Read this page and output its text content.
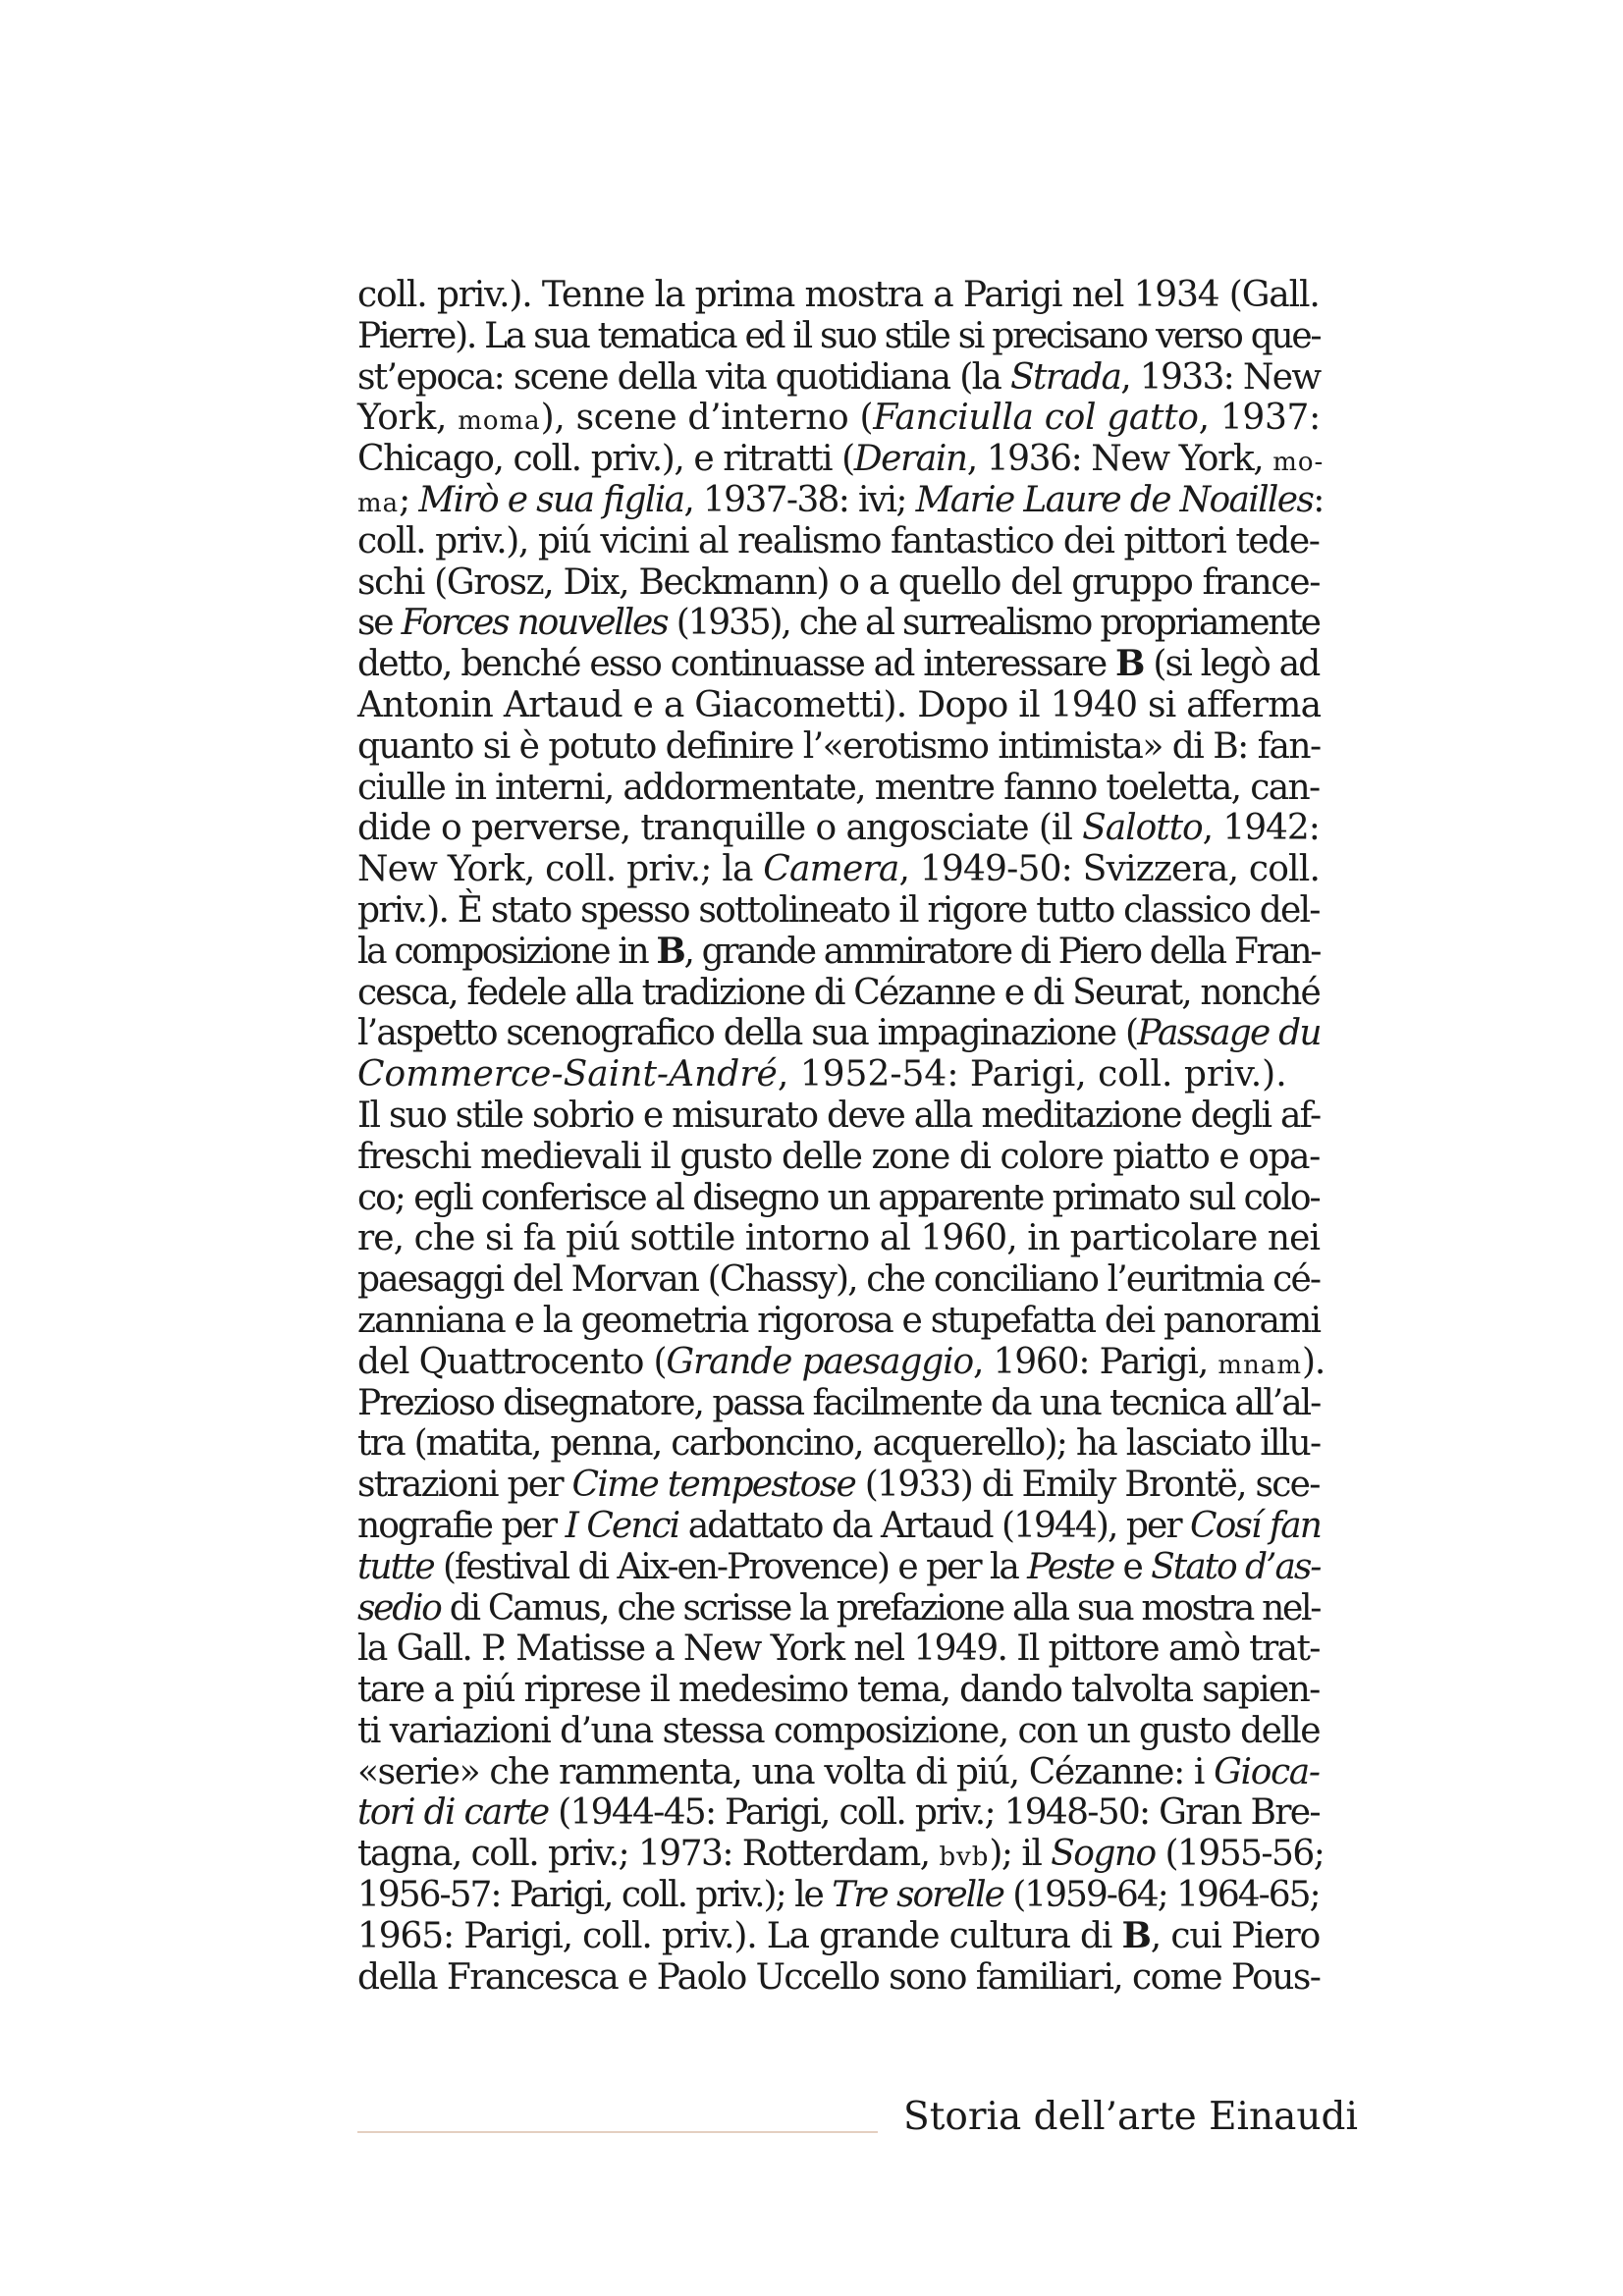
coll. priv.). Tenne la prima mostra a Parigi nel 1934 (Gall.
Pierre). La sua tematica ed il suo stile si precisano verso que-
st’epoca: scene della vita quotidiana (la Strada, 1933: New
York, moma), scene d’interno (Fanciulla col gatto, 1937:
Chicago, coll. priv.), e ritratti (Derain, 1936: New York, mo-
ma; Mirò e sua figlia, 1937-38: ivi; Marie Laure de Noailles:
coll. priv.), piú vicini al realismo fantastico dei pittori tede-
schi (Grosz, Dix, Beckmann) o a quello del gruppo france-
se Forces nouvelles (1935), che al surrealismo propriamente
detto, benché esso continuasse ad interessare B (si legò ad
Antonin Artaud e a Giacometti). Dopo il 1940 si afferma
quanto si è potuto definire l’«erotismo intimista» di B: fan-
ciulle in interni, addormentate, mentre fanno toeletta, can-
dide o perverse, tranquille o angosciate (il Salotto, 1942:
New York, coll. priv.; la Camera, 1949-50: Svizzera, coll.
priv.). È stato spesso sottolineato il rigore tutto classico del-
la composizione in B, grande ammiratore di Piero della Fran-
cesca, fedele alla tradizione di Cézanne e di Seurat, nonché
l’aspetto scenografico della sua impaginazione (Passage du
Commerce-Saint-André, 1952-54: Parigi, coll. priv.).
Il suo stile sobrio e misurato deve alla meditazione degli af-
freschi medievali il gusto delle zone di colore piatto e opa-
co; egli conferisce al disegno un apparente primato sul colo-
re, che si fa piú sottile intorno al 1960, in particolare nei
paesaggi del Morvan (Chassy), che conciliano l’euritmia cé-
zanniana e la geometria rigorosa e stupefatta dei panorami
del Quattrocento (Grande paesaggio, 1960: Parigi, mnam).
Prezioso disegnatore, passa facilmente da una tecnica all’al-
tra (matita, penna, carboncino, acquerello); ha lasciato illu-
strazioni per Cime tempestose (1933) di Emily Brontë, sce-
nografie per I Cenci adattato da Artaud (1944), per Cosí fan
tutte (festival di Aix-en-Provence) e per la Peste e Stato d’as-
sedio di Camus, che scrisse la prefazione alla sua mostra nel-
la Gall. P. Matisse a New York nel 1949. Il pittore amò trat-
tare a piú riprese il medesimo tema, dando talvolta sapien-
ti variazioni d’una stessa composizione, con un gusto delle
«serie» che rammenta, una volta di piú, Cézanne: i Gioca-
tori di carte (1944-45: Parigi, coll. priv.; 1948-50: Gran Bre-
tagna, coll. priv.; 1973: Rotterdam, bvb); il Sogno (1955-56;
1956-57: Parigi, coll. priv.); le Tre sorelle (1959-64; 1964-65;
1965: Parigi, coll. priv.). La grande cultura di B, cui Piero
della Francesca e Paolo Uccello sono familiari, come Pous-
Storia dell’arte Einaudi
